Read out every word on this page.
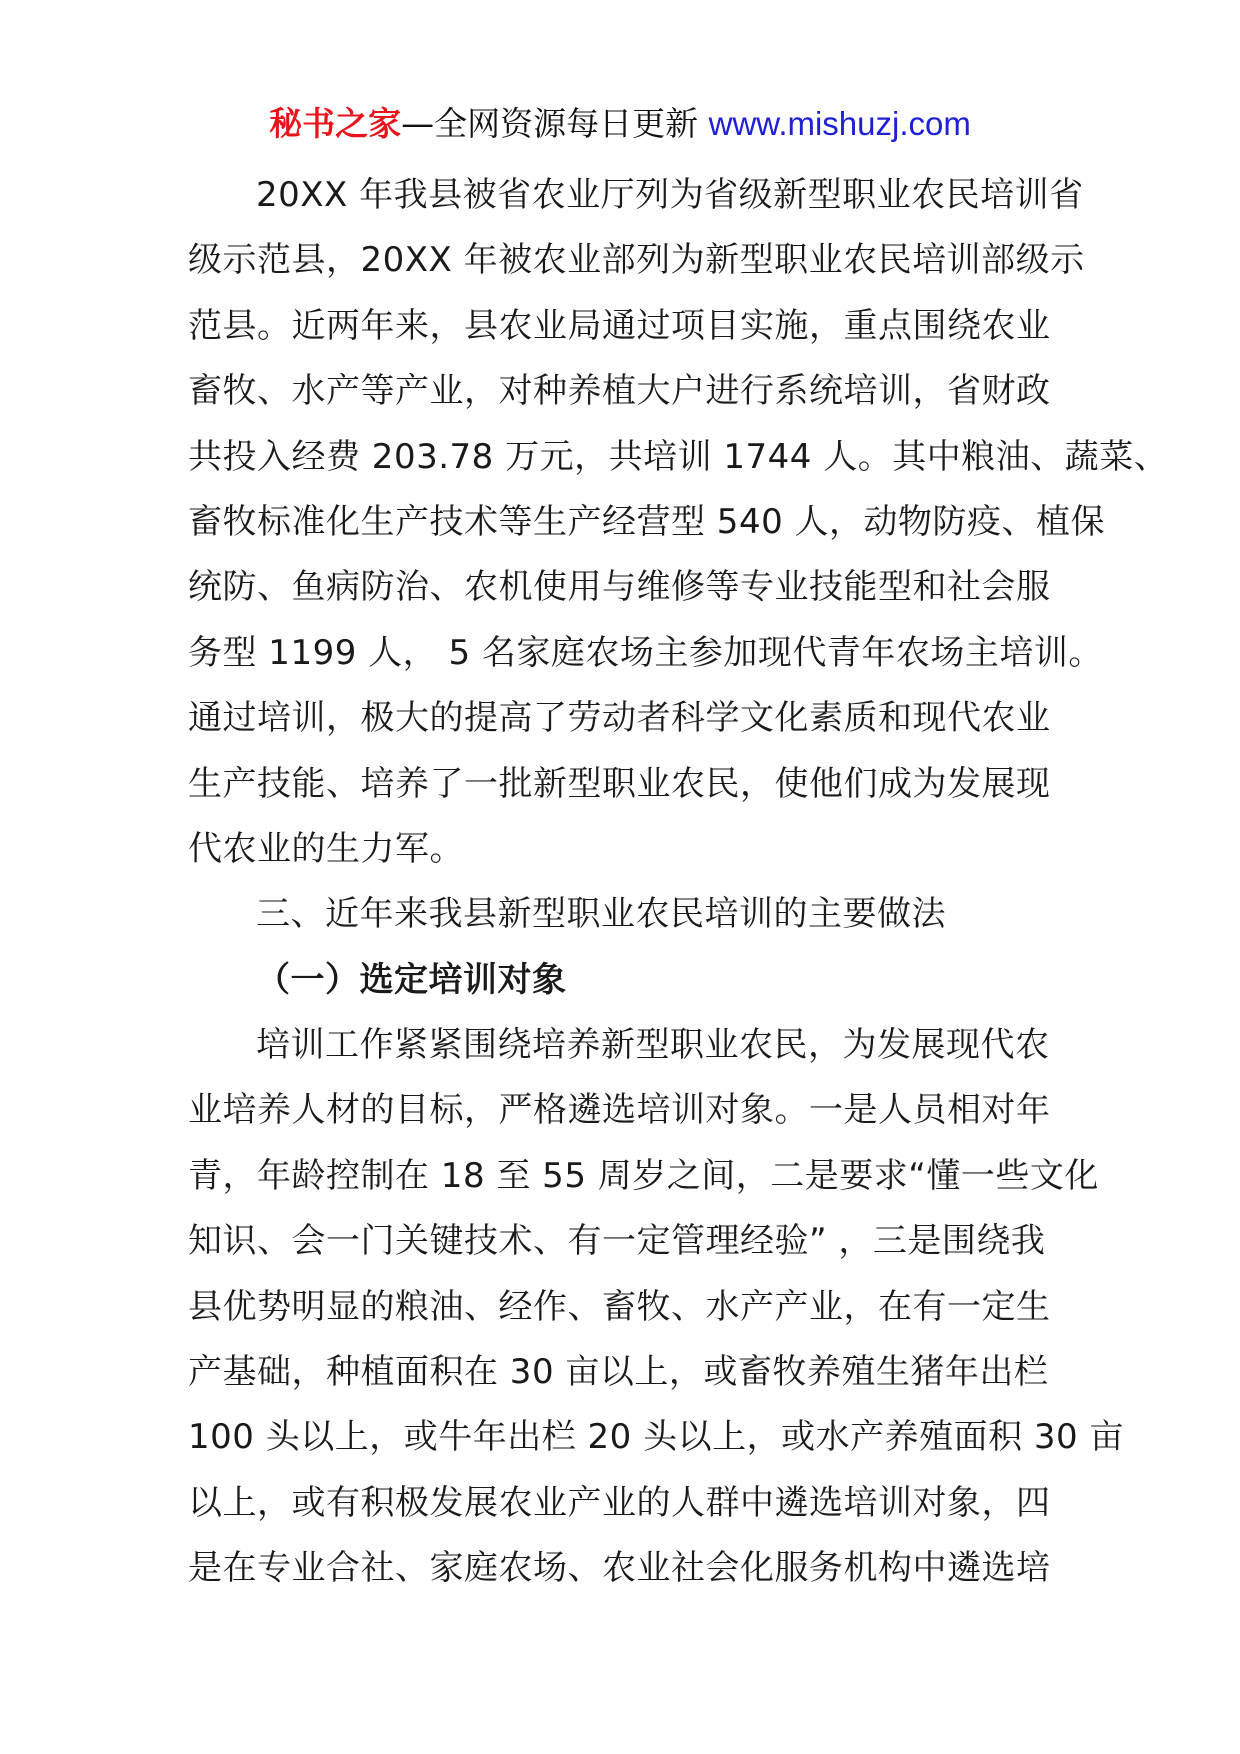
秘书之家—全网资源每日更新 www.mishuzj.com
20XX 年我县被省农业厅列为省级新型职业农民培训省
级示范县，20XX 年被农业部列为新型职业农民培训部级示
范县。近两年来，县农业局通过项目实施，重点围绕农业
畜牧、水产等产业，对种养植大户进行系统培训，省财政
共投入经费 203.78 万元，共培训 1744 人。其中粮油、蔬菜、
畜牧标准化生产技术等生产经营型 540 人，动物防疫、植保
统防、鱼病防治、农机使用与维修等专业技能型和社会服
务型 1199 人， 5 名家庭农场主参加现代青年农场主培训。
通过培训，极大的提高了劳动者科学文化素质和现代农业
生产技能、培养了一批新型职业农民，使他们成为发展现
代农业的生力军。
三、近年来我县新型职业农民培训的主要做法
（一）选定培训对象
培训工作紧紧围绕培养新型职业农民，为发展现代农
业培养人材的目标，严格遴选培训对象。一是人员相对年
青，年龄控制在 18 至 55 周岁之间，二是要求“懂一些文化
知识、会一门关键技术、有一定管理经验” ，三是围绕我
县优势明显的粮油、经作、畜牧、水产产业，在有一定生
产基础，种植面积在 30 亩以上，或畜牧养殖生猪年出栏
100 头以上，或牛年出栏 20 头以上，或水产养殖面积 30 亩
以上，或有积极发展农业产业的人群中遴选培训对象，四
是在专业合社、家庭农场、农业社会化服务机构中遴选培
